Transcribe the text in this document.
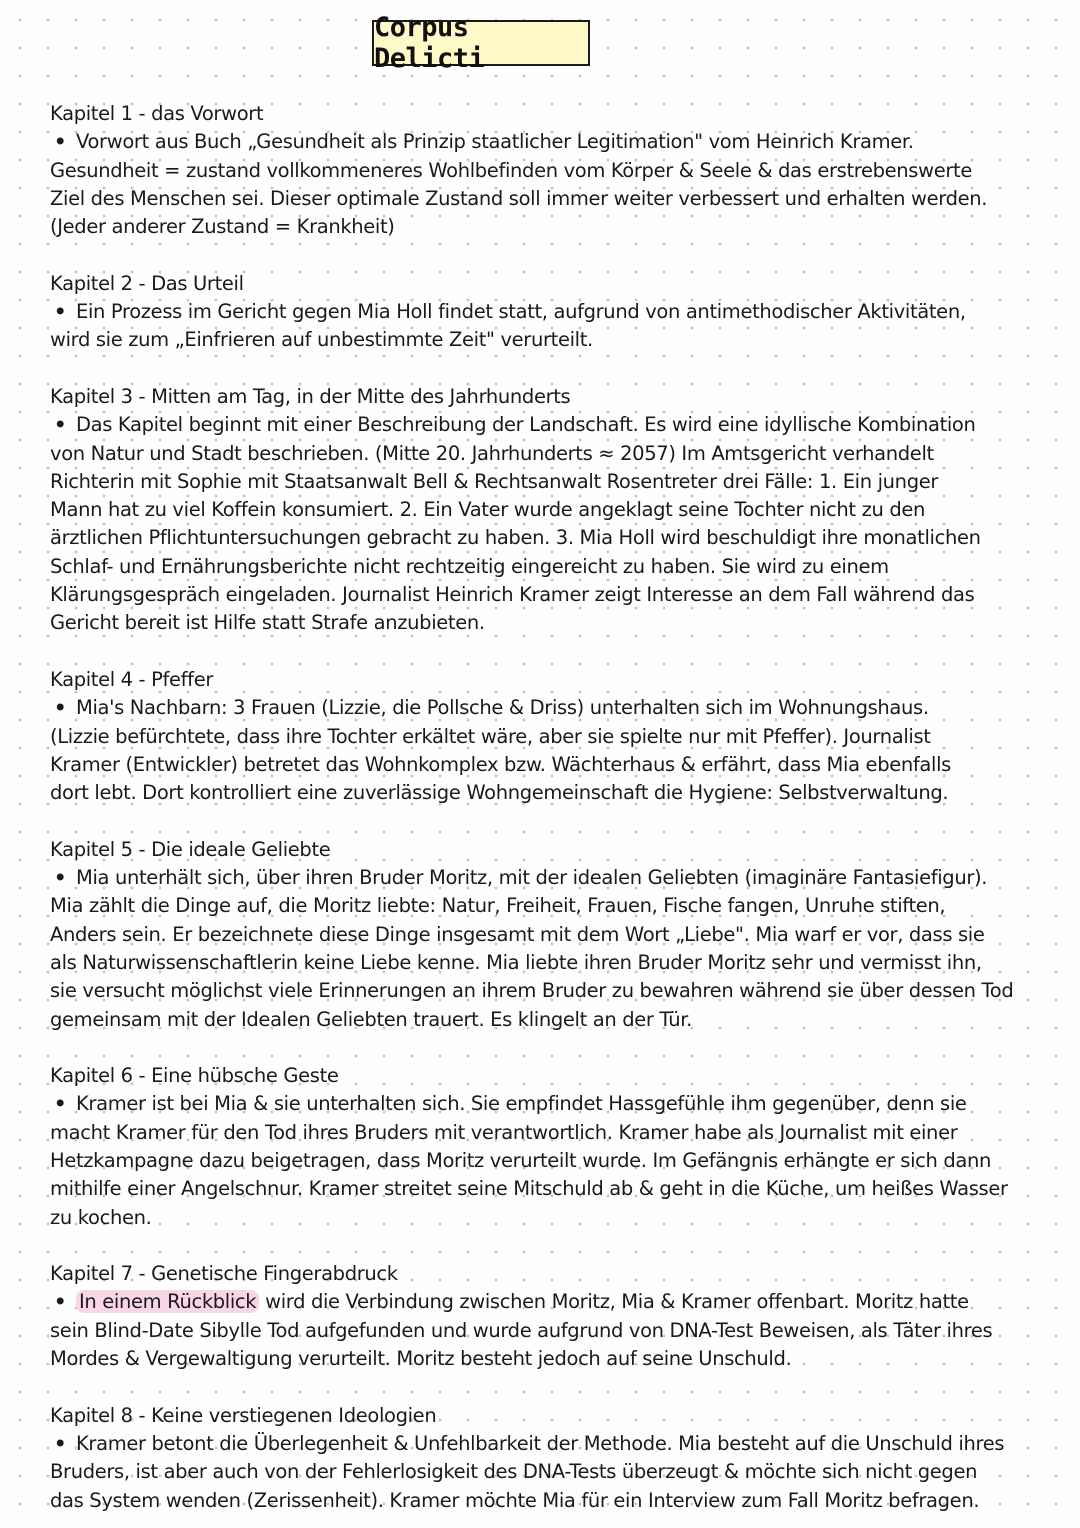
Corpus Delicti
Kapitel 1 - das Vorwort
• Vorwort aus Buch „Gesundheit als Prinzip staatlicher Legitimation" vom Heinrich Kramer.
Gesundheit = zustand vollkommeneres Wohlbefinden vom Körper & Seele & das erstrebenswerte
Ziel des Menschen sei. Dieser optimale Zustand soll immer weiter verbessert und erhalten werden.
(Jeder anderer Zustand = Krankheit)
Kapitel 2 - Das Urteil
• Ein Prozess im Gericht gegen Mia Holl findet statt, aufgrund von antimethodischer Aktivitäten,
wird sie zum „Einfrieren auf unbestimmte Zeit" verurteilt.
Kapitel 3 - Mitten am Tag, in der Mitte des Jahrhunderts
• Das Kapitel beginnt mit einer Beschreibung der Landschaft. Es wird eine idyllische Kombination
von Natur und Stadt beschrieben. (Mitte 20. Jahrhunderts ≈ 2057) Im Amtsgericht verhandelt
Richterin mit Sophie mit Staatsanwalt Bell & Rechtsanwalt Rosentreter drei Fälle: 1. Ein junger
Mann hat zu viel Koffein konsumiert. 2. Ein Vater wurde angeklagt seine Tochter nicht zu den
ärztlichen Pflichtuntersuchungen gebracht zu haben. 3. Mia Holl wird beschuldigt ihre monatlichen
Schlaf- und Ernährungsberichte nicht rechtzeitig eingereicht zu haben. Sie wird zu einem
Klärungsgespräch eingeladen. Journalist Heinrich Kramer zeigt Interesse an dem Fall während das
Gericht bereit ist Hilfe statt Strafe anzubieten.
Kapitel 4 - Pfeffer
• Mia's Nachbarn: 3 Frauen (Lizzie, die Pollsche & Driss) unterhalten sich im Wohnungshaus.
(Lizzie befürchtete, dass ihre Tochter erkältet wäre, aber sie spielte nur mit Pfeffer). Journalist
Kramer (Entwickler) betretet das Wohnkomplex bzw. Wächterhaus & erfährt, dass Mia ebenfalls
dort lebt. Dort kontrolliert eine zuverlässige Wohngemeinschaft die Hygiene: Selbstverwaltung.
Kapitel 5 - Die ideale Geliebte
• Mia unterhält sich, über ihren Bruder Moritz, mit der idealen Geliebten (imaginäre Fantasiefigur).
Mia zählt die Dinge auf, die Moritz liebte: Natur, Freiheit, Frauen, Fische fangen, Unruhe stiften,
Anders sein. Er bezeichnete diese Dinge insgesamt mit dem Wort „Liebe". Mia warf er vor, dass sie
als Naturwissenschaftlerin keine Liebe kenne. Mia liebte ihren Bruder Moritz sehr und vermisst ihn,
sie versucht möglichst viele Erinnerungen an ihrem Bruder zu bewahren während sie über dessen Tod
gemeinsam mit der Idealen Geliebten trauert. Es klingelt an der Tür.
Kapitel 6 - Eine hübsche Geste
• Kramer ist bei Mia & sie unterhalten sich. Sie empfindet Hassgefühle ihm gegenüber, denn sie
macht Kramer für den Tod ihres Bruders mit verantwortlich. Kramer habe als Journalist mit einer
Hetzkampagne dazu beigetragen, dass Moritz verurteilt wurde. Im Gefängnis erhängte er sich dann
mithilfe einer Angelschnur. Kramer streitet seine Mitschuld ab & geht in die Küche, um heißes Wasser
zu kochen.
Kapitel 7 - Genetische Fingerabdruck
• In einem Rückblick wird die Verbindung zwischen Moritz, Mia & Kramer offenbart. Moritz hatte
sein Blind-Date Sibylle Tod aufgefunden und wurde aufgrund von DNA-Test Beweisen, als Täter ihres
Mordes & Vergewaltigung verurteilt. Moritz besteht jedoch auf seine Unschuld.
Kapitel 8 - Keine verstiegenen Ideologien
• Kramer betont die Überlegenheit & Unfehlbarkeit der Methode. Mia besteht auf die Unschuld ihres
Bruders, ist aber auch von der Fehlerlosigkeit des DNA-Tests überzeugt & möchte sich nicht gegen
das System wenden (Zerissenheit). Kramer möchte Mia für ein Interview zum Fall Moritz befragen.
